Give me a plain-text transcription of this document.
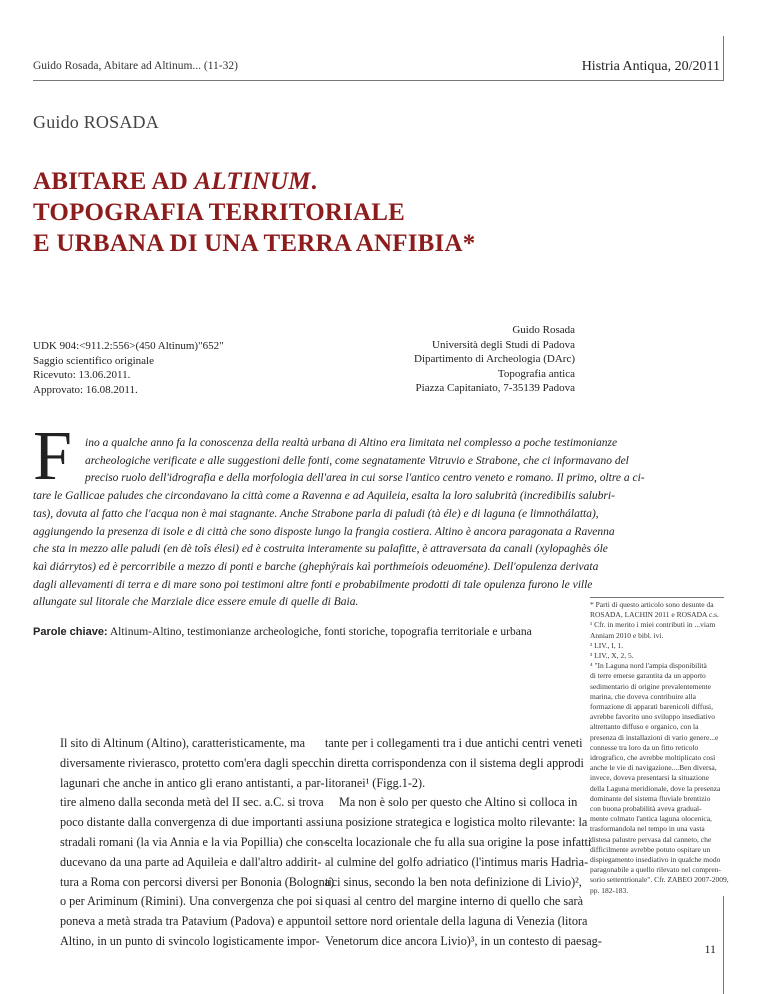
Guido Rosada, Abitare ad Altinum... (11-32)	Histria Antiqua, 20/2011
Guido ROSADA
ABITARE AD ALTINUM.
TOPOGRAFIA TERRITORIALE
E URBANA DI UNA TERRA ANFIBIA*
UDK 904:<911.2:556>(450 Altinum)"652"
Saggio scientifico originale
Ricevuto: 13.06.2011.
Approvato: 16.08.2011.
Guido Rosada
Università degli Studi di Padova
Dipartimento di Archeologia (DArc)
Topografia antica
Piazza Capitaniato, 7-35139 Padova
F	ino a qualche anno fa la conoscenza della realtà urbana di Altino era limitata nel complesso a poche testimonianze
archeologiche verificate e alle suggestioni delle fonti, come segnatamente Vitruvio e Strabone, che ci informavano del
preciso ruolo dell'idrografia e della morfologia dell'area in cui sorse l'antico centro veneto e romano. Il primo, oltre a ci-
tare le Gallicae paludes che circondavano la città come a Ravenna e ad Aquileia, esalta la loro salubrità (incredibilis salubri-
tas), dovuta al fatto che l'acqua non è mai stagnante. Anche Strabone parla di paludi (tà éle) e di laguna (e limnothálatta),
aggiungendo la presenza di isole e di città che sono disposte lungo la frangia costiera. Altino è ancora paragonata a Ravenna
che sta in mezzo alle paludi (en dè toîs élesi) ed è costruita interamente su palafitte, è attraversata da canali (xylopaghès óle
kaì diárrytos) ed è percorribile a mezzo di ponti e barche (ghephýrais kaì porthmeíois odeuoméne). Dell'opulenza derivata
dagli allevamenti di terra e di mare sono poi testimoni altre fonti e probabilmente prodotti di tale opulenza furono le ville
allungate sul litorale che Marziale dice essere emule di quelle di Baia.
Parole chiave: Altinum-Altino, testimonianze archeologiche, fonti storiche, topografia territoriale e urbana
Il sito di Altinum (Altino), caratteristicamente, ma
diversamente rivierasco, protetto com'era dagli specchi
lagunari che anche in antico gli erano antistanti, a par-
tire almeno dalla seconda metà del II sec. a.C. si trova
poco distante dalla convergenza di due importanti assi
stradali romani (la via Annia e la via Popillia) che con-
ducevano da una parte ad Aquileia e dall'altro addirit-
tura a Roma con percorsi diversi per Bononia (Bologna)
o per Ariminum (Rimini). Una convergenza che poi si
poneva a metà strada tra Patavium (Padova) e appunto
Altino, in un punto di svincolo logisticamente impor-
tante per i collegamenti tra i due antichi centri veneti
in diretta corrispondenza con il sistema degli approdi
litoranei¹ (Figg.1-2).
Ma non è solo per questo che Altino si colloca in
una posizione strategica e logistica molto rilevante: la
scelta locazionale che fu alla sua origine la pose infatti
al culmine del golfo adriatico (l'intimus maris Hadria-
tici sinus, secondo la ben nota definizione di Livio)²,
quasi al centro del margine interno di quello che sarà
il settore nord orientale della laguna di Venezia (litora
Venetorum dice ancora Livio)³, in un contesto di paesag-
* Parti di questo articolo sono desunte da
ROSADA, LACHIN 2011 e ROSADA c.s.
¹ Cfr. in merito i miei contributi in ...viam
Anniam 2010 e bibl. ivi.
² LIV., I, 1.
³ LIV., X, 2, 5.
⁴ "In Laguna nord l'ampia disponibilità
di terre emerse garantita da un apporto
sedimentario di origine prevalentemente
marina, che doveva contribuire alla
formazione di apparati barenicoli diffusi,
avrebbe favorito uno sviluppo insediativo
altrettanto diffuso e organico, con la
presenza di installazioni di vario genere...e
connesse tra loro da un fitto reticolo
idrografico, che avrebbe moltiplicato così
anche le vie di navigazione....Ben diversa,
invece, doveva presentarsi la situazione
della Laguna meridionale, dove la presenza
dominante del sistema fluviale brentizio
con buona probabilità aveva gradual-
mente colmato l'antica laguna olocenica,
trasformandola nel tempo in una vasta
distesa palustre pervasa dal canneto, che
difficilmente avrebbe potuto ospitare un
dispiegamento insediativo in qualche modo
paragonabile a quello rilevato nel compren-
sorio settentrionale". Cfr. ZABEO 2007-2009,
pp. 182-183.
11
